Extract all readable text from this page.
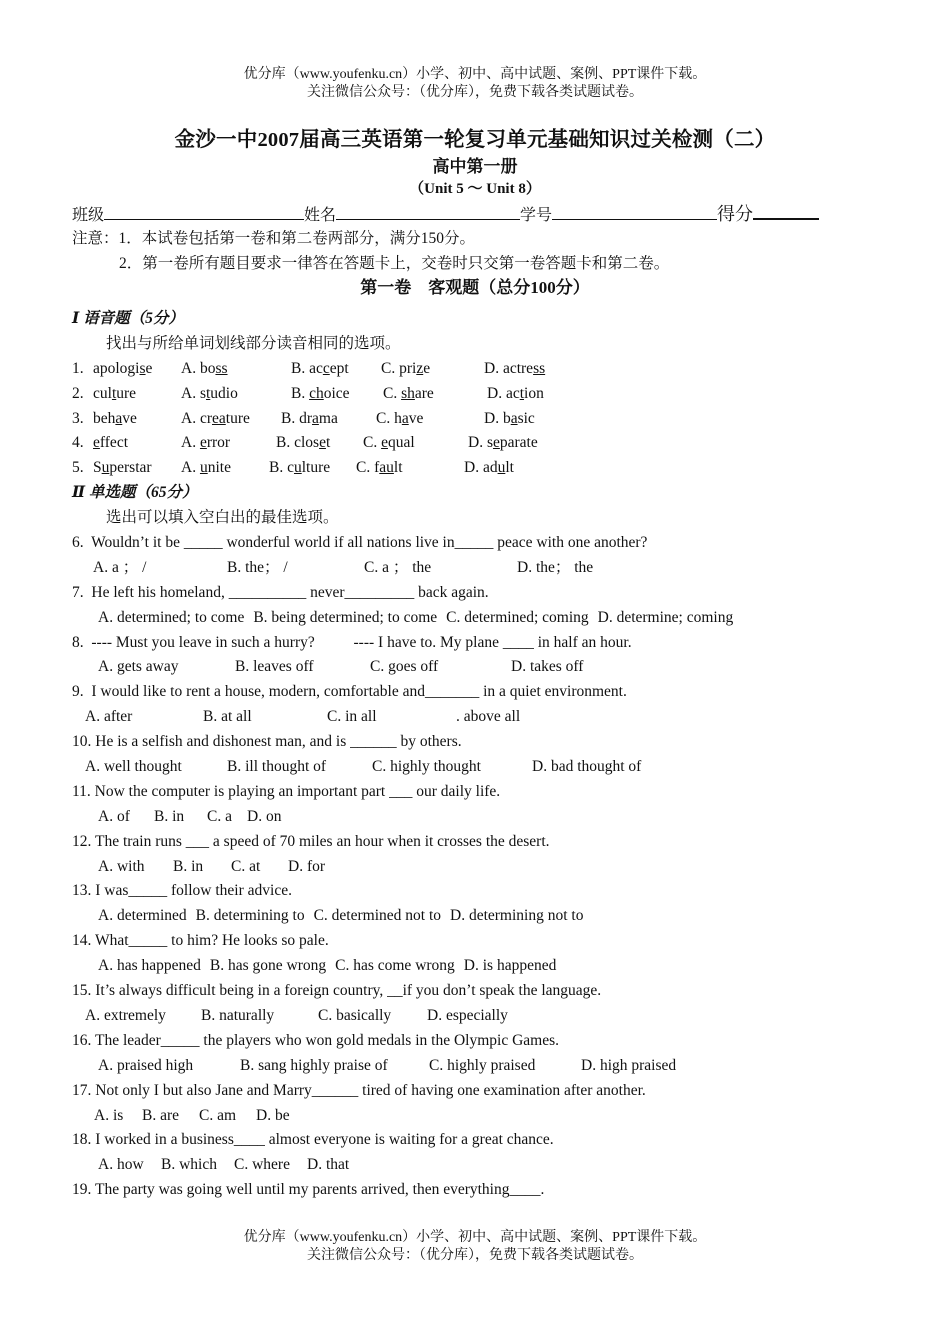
优分库（www.youfenku.cn）小学、初中、高中试题、案例、PPT课件下载。
关注微信公众号：（优分库），免费下载各类试题试卷。
金沙一中2007届高三英语第一轮复习单元基础知识过关检测（二）
高中第一册
（Unit 5 ～ Unit 8）
班级	姓名	学号	得分
注意：1．本试卷包括第一卷和第二卷两部分，满分150分。
2．第一卷所有题目要求一律答在答题卡上，交卷时只交第一卷答题卡和第二卷。
第一卷　客观题（总分100分）
Ⅰ 语音题（5分）
找出与所给单词划线部分读音相同的选项。
1. apologise A. boss	B. accept C. prize	D. actress
2. culture	A. studio	B. choice C. share	D. action
3. behave	A. creature B. drama C. have	D. basic
4. effect	A. error	B. closet C. equal	D. separate
5. Superstar A. unite B. culture C. fault	D. adult
Ⅱ 单选题（65分）
选出可以填入空白出的最佳选项。
6.  Wouldn’t it be _____ wonderful world if all nations live in_____ peace with one another?
A. a ； /	B. the； /	C. a ； the	D. the； the
7.  He left his homeland, __________ never_________ back again.
A. determined; to come B. being determined; to come C. determined; coming D. determine; coming
8.  ---- Must you leave in such a hurry?          ---- I have to. My plane ____ in half an hour.
A. gets away	B. leaves off	C. goes off	D. takes off
9.  I would like to rent a house, modern, comfortable and_______ in a quiet environment.
A. after	B. at all	C. in all	. above all
10. He is a selfish and dishonest man, and is ______ by others.
A. well thought	B. ill thought of	C. highly thought	D. bad thought of
11. Now the computer is playing an important part ___ our daily life.
A. of B. in C. a D. on
12. The train runs ___ a speed of 70 miles an hour when it crosses the desert.
A. with B. in C. at D. for
13. I was_____ follow their advice.
A. determined B. determining to C. determined not to D. determining not to
14. What_____ to him? He looks so pale.
A. has happened B. has gone wrong C. has come wrong D. is happened
15. It’s always difficult being in a foreign country, __if you don’t speak the language.
A. extremely B. naturally	C. basically D. especially
16. The leader_____ the players who won gold medals in the Olympic Games.
A. praised high	B. sang highly praise of	C. highly praised	D. high praised
17. Not only I but also Jane and Marry______ tired of having one examination after another.
A. is B. are C. am D. be
18. I worked in a business____ almost everyone is waiting for a great chance.
A. how B. which C. where D. that
19. The party was going well until my parents arrived, then everything____.
优分库（www.youfenku.cn）小学、初中、高中试题、案例、PPT课件下载。
关注微信公众号：（优分库），免费下载各类试题试卷。
